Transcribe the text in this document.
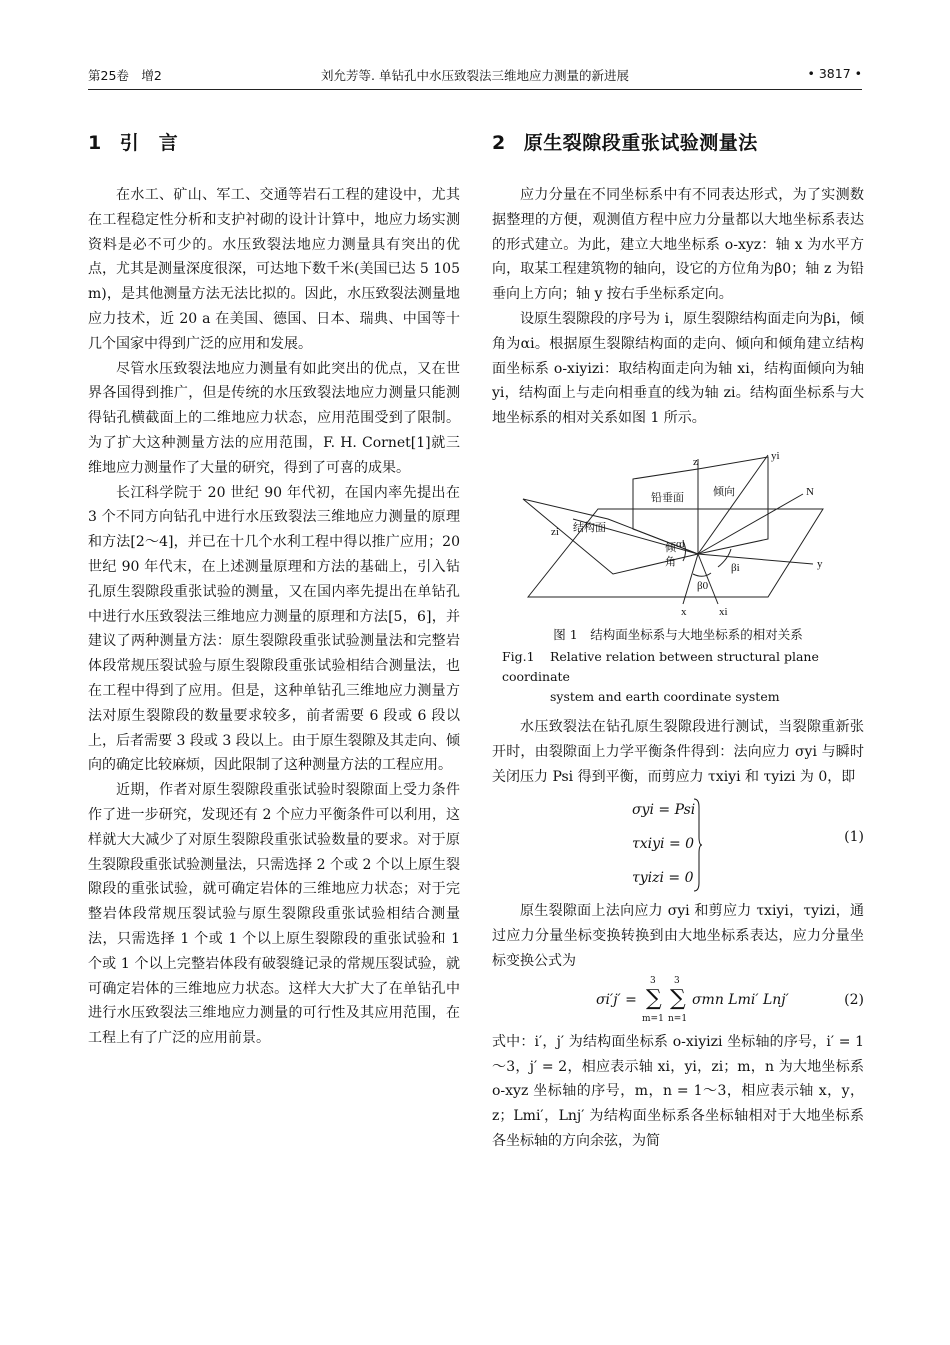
第25卷　增2	刘允芳等. 单钻孔中水压致裂法三维地应力测量的新进展	• 3817 •
1 引　言

在水工、矿山、军工、交通等岩石工程的建设中，尤其在工程稳定性分析和支护衬砌的设计计算中，地应力场实测资料是必不可少的。水压致裂法地应力测量具有突出的优点，尤其是测量深度很深，可达地下数千米(美国已达 5 105 m)，是其他测量方法无法比拟的。因此，水压致裂法测量地应力技术，近 20 a 在美国、德国、日本、瑞典、中国等十几个国家中得到广泛的应用和发展。

尽管水压致裂法地应力测量有如此突出的优点，又在世界各国得到推广，但是传统的水压致裂法地应力测量只能测得钻孔横截面上的二维地应力状态，应用范围受到了限制。为了扩大这种测量方法的应用范围，F. H. Cornet[1]就三维地应力测量作了大量的研究，得到了可喜的成果。

长江科学院于 20 世纪 90 年代初，在国内率先提出在 3 个不同方向钻孔中进行水压致裂法三维地应力测量的原理和方法[2～4]，并已在十几个水利工程中得以推广应用；20 世纪 90 年代末，在上述测量原理和方法的基础上，引入钻孔原生裂隙段重张试验的测量，又在国内率先提出在单钻孔中进行水压致裂法三维地应力测量的原理和方法[5，6]，并建议了两种测量方法：原生裂隙段重张试验测量法和完整岩体段常规压裂试验与原生裂隙段重张试验相结合测量法，也在工程中得到了应用。但是，这种单钻孔三维地应力测量方法对原生裂隙段的数量要求较多，前者需要 6 段或 6 段以上，后者需要 3 段或 3 段以上。由于原生裂隙及其走向、倾向的确定比较麻烦，因此限制了这种测量方法的工程应用。

近期，作者对原生裂隙段重张试验时裂隙面上受力条件作了进一步研究，发现还有 2 个应力平衡条件可以利用，这样就大大减少了对原生裂隙段重张试验数量的要求。对于原生裂隙段重张试验测量法，只需选择 2 个或 2 个以上原生裂隙段的重张试验，就可确定岩体的三维地应力状态；对于完整岩体段常规压裂试验与原生裂隙段重张试验相结合测量法，只需选择 1 个或 1 个以上原生裂隙段的重张试验和 1 个或 1 个以上完整岩体段有破裂缝记录的常规压裂试验，就可确定岩体的三维地应力状态。这样大大扩大了在单钻孔中进行水压致裂法三维地应力测量的可行性及其应用范围，在工程上有了广泛的应用前景。

2 原生裂隙段重张试验测量法

应力分量在不同坐标系中有不同表达形式，为了实测数据整理的方便，观测值方程中应力分量都以大地坐标系表达的形式建立。为此，建立大地坐标系 o-xyz：轴 x 为水平方向，取某工程建筑物的轴向，设它的方位角为β0；轴 z 为铅垂向上方向；轴 y 按右手坐标系定向。

设原生裂隙段的序号为 i，原生裂隙结构面走向为βi，倾角为αi。根据原生裂隙结构面的走向、倾向和倾角建立结构面坐标系 o-xiyizi：取结构面走向为轴 xi，结构面倾向为轴 yi，结构面上与走向相垂直的线为轴 zi。结构面坐标系与大地坐标系的相对关系如图 1 所示。

z	yi
N
铅垂面	倾向
结构面
zi
倾
角
αi
βi
β0
y
x	xi
图 1　结构面坐标系与大地坐标系的相对关系
Fig.1 Relative relation between structural plane coordinate
system and earth coordinate system

水压致裂法在钻孔原生裂隙段进行测试，当裂隙重新张开时，由裂隙面上力学平衡条件得到：法向应力 σyi 与瞬时关闭压力 Psi 得到平衡，而剪应力 τxiyi 和 τyizi 为 0，即

σyi = Psi
τxiyi = 0
τyizi = 0
(1)

原生裂隙面上法向应力 σyi 和剪应力 τxiyi，τyizi，通过应力分量坐标变换转换到由大地坐标系表达，应力分量坐标变换公式为

σi′j′ =
3
∑
m=1
3
∑
n=1
σmn Lmi′ Lnj′	(2)

式中：i′，j′ 为结构面坐标系 o-xiyizi 坐标轴的序号，i′ = 1～3，j′ = 2，相应表示轴 xi，yi，zi；m，n 为大地坐标系 o-xyz 坐标轴的序号，m，n = 1～3，相应表示轴 x，y，z；Lmi′，Lnj′ 为结构面坐标系各坐标轴相对于大地坐标系各坐标轴的方向余弦，为简
